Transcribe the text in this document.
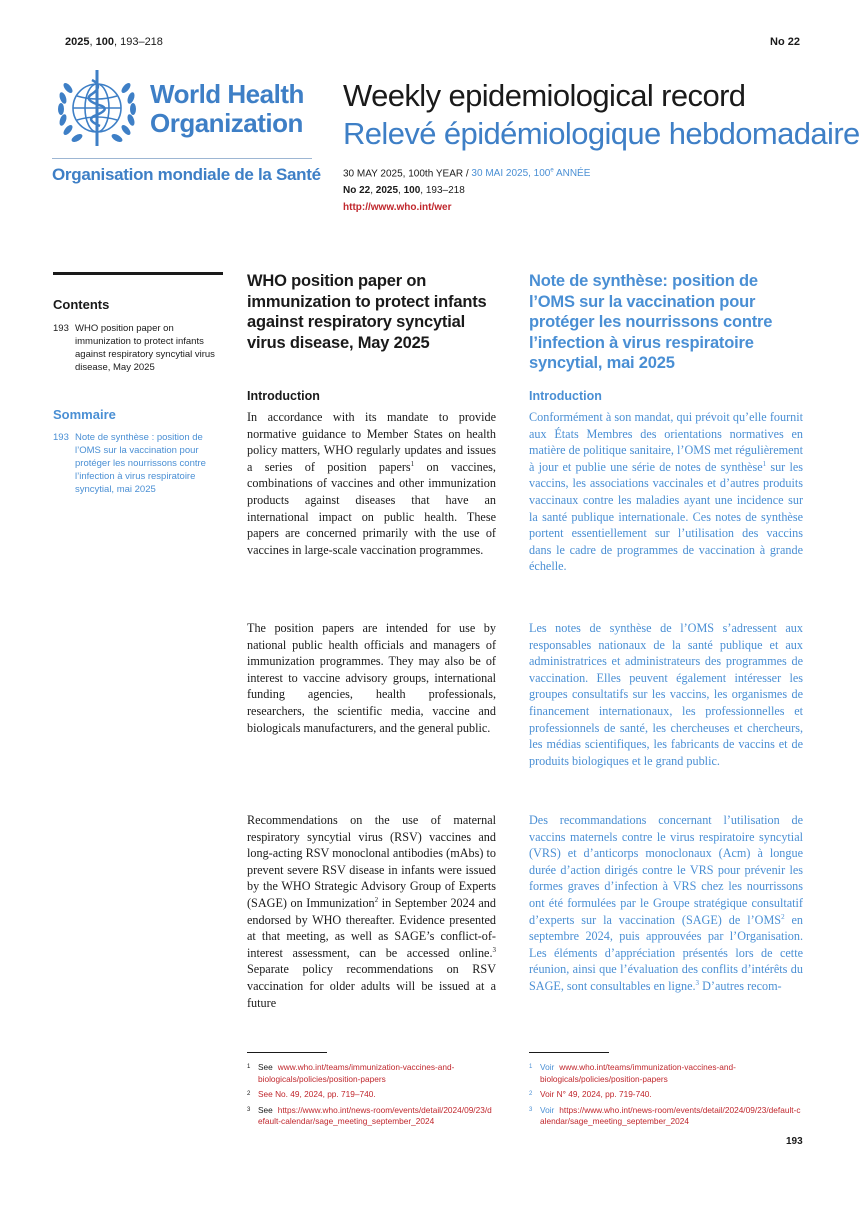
2025, 100, 193–218	No 22
World Health
Organization
Organisation mondiale de la Santé
Weekly epidemiological record
Relevé épidémiologique hebdomadaire
30 MAY 2025, 100th YEAR / 30 MAI 2025, 100e ANNÉE
No 22, 2025, 100, 193–218
http://www.who.int/wer
Contents
193 WHO position paper on immunization to protect infants against respiratory syncytial virus disease, May 2025
Sommaire
193 Note de synthèse : position de l’OMS sur la vaccination pour protéger les nourrissons contre l’infection à virus respiratoire syncytial, mai 2025
WHO position paper on immunization to protect infants against respiratory syncytial virus disease, May 2025
Introduction
In accordance with its mandate to provide normative guidance to Member States on health policy matters, WHO regularly updates and issues a series of position papers$^1$ on vaccines, combinations of vaccines and other immunization products against diseases that have an international impact on public health. These papers are concerned primarily with the use of vaccines in large-scale vaccination programmes.
The position papers are intended for use by national public health officials and managers of immunization programmes. They may also be of interest to vaccine advisory groups, international funding agencies, health professionals, researchers, the scientific media, vaccine and biologicals manufacturers, and the general public.
Recommendations on the use of maternal respiratory syncytial virus (RSV) vaccines and long-acting RSV monoclonal antibodies (mAbs) to prevent severe RSV disease in infants were issued by the WHO Strategic Advisory Group of Experts (SAGE) on Immunization$^2$ in September 2024 and endorsed by WHO thereafter. Evidence presented at that meeting, as well as SAGE’s conflict-of-interest assessment, can be accessed online.$^3$ Separate policy recommendations on RSV vaccination for older adults will be issued at a future
1 See www.who.int/teams/immunization-vaccines-and-biologicals/policies/position-papers
2 See No. 49, 2024, pp. 719–740.
3 See https://www.who.int/news-room/events/detail/2024/09/23/default-calendar/sage_meeting_september_2024
Note de synthèse: position de l’OMS sur la vaccination pour protéger les nourrissons contre l’infection à virus respiratoire syncytial, mai 2025
Introduction
Conformément à son mandat, qui prévoit qu’elle fournit aux États Membres des orientations normatives en matière de politique sanitaire, l’OMS met régulièrement à jour et publie une série de notes de synthèse$^1$ sur les vaccins, les associations vaccinales et d’autres produits vaccinaux contre les maladies ayant une incidence sur la santé publique internationale. Ces notes de synthèse portent essentiellement sur l’utilisation des vaccins dans le cadre de programmes de vaccination à grande échelle.
Les notes de synthèse de l’OMS s’adressent aux responsables nationaux de la santé publique et aux administratrices et administrateurs des programmes de vaccination. Elles peuvent également intéresser les groupes consultatifs sur les vaccins, les organismes de financement internationaux, les professionnelles et professionnels de santé, les chercheuses et chercheurs, les médias scientifiques, les fabricants de vaccins et de produits biologiques et le grand public.
Des recommandations concernant l’utilisation de vaccins maternels contre le virus respiratoire syncytial (VRS) et d’anticorps monoclonaux (Acm) à longue durée d’action dirigés contre le VRS pour prévenir les formes graves d’infection à VRS chez les nourrissons ont été formulées par le Groupe stratégique consultatif d’experts sur la vaccination (SAGE) de l’OMS$^2$ en septembre 2024, puis approuvées par l’Organisation. Les éléments d’appréciation présentés lors de cette réunion, ainsi que l’évaluation des conflits d’intérêts du SAGE, sont consultables en ligne.$^3$ D’autres recom-
1 Voir www.who.int/teams/immunization-vaccines-and-biologicals/policies/position-papers
2 Voir N° 49, 2024, pp. 719-740.
3 Voir https://www.who.int/news-room/events/detail/2024/09/23/default-calendar/sage_meeting_september_2024
193
